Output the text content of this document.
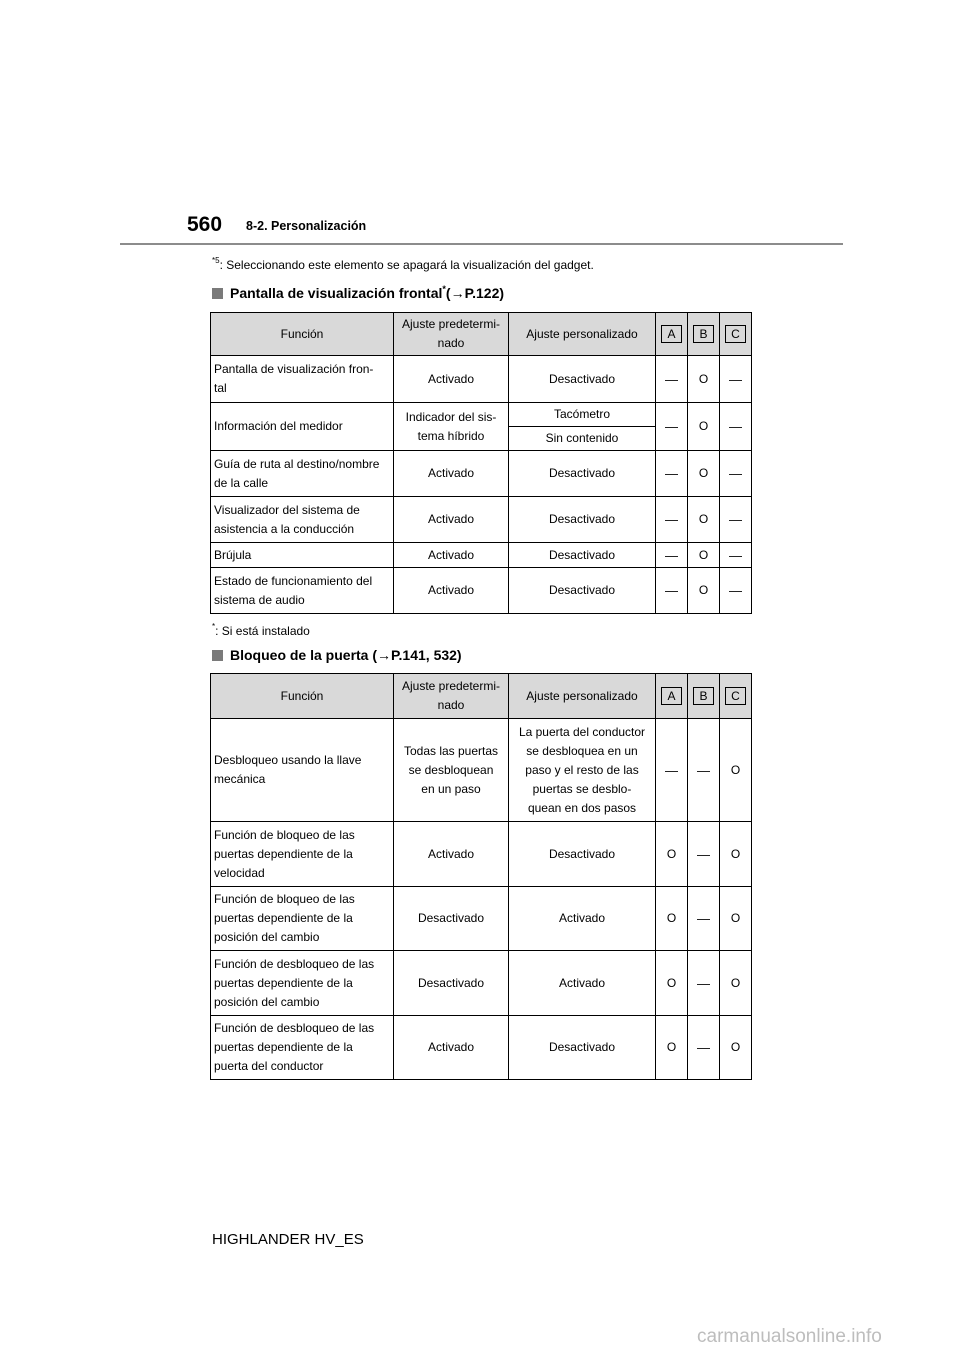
560 8-2. Personalización
$^{*5}$: Seleccionando este elemento se apagará la visualización del gadget.
Pantalla de visualización frontal*(→P.122)
Función	Ajuste predetermi-
nado	Ajuste personalizado	A	B	C
Pantalla de visualización fron-
tal	Activado	Desactivado	—	O	—
Información del medidor	Indicador del sis-
tema híbrido	Tacómetro	—	O	—
		Sin contenido			
Guía de ruta al destino/nombre
de la calle	Activado	Desactivado	—	O	—
Visualizador del sistema de
asistencia a la conducción	Activado	Desactivado	—	O	—
Brújula	Activado	Desactivado	—	O	—
Estado de funcionamiento del
sistema de audio	Activado	Desactivado	—	O	—
*: Si está instalado
Bloqueo de la puerta (→P.141, 532)
Función	Ajuste predetermi-
nado	Ajuste personalizado	A	B	C
Desbloqueo usando la llave
mecánica	Todas las puertas
se desbloquean
en un paso	La puerta del conductor
se desbloquea en un
paso y el resto de las
puertas se desblo-
quean en dos pasos	—	—	O
Función de bloqueo de las
puertas dependiente de la
velocidad	Activado	Desactivado	O	—	O
Función de bloqueo de las
puertas dependiente de la
posición del cambio	Desactivado	Activado	O	—	O
Función de desbloqueo de las
puertas dependiente de la
posición del cambio	Desactivado	Activado	O	—	O
Función de desbloqueo de las
puertas dependiente de la
puerta del conductor	Activado	Desactivado	O	—	O
HIGHLANDER HV_ES
carmanualsonline.info
